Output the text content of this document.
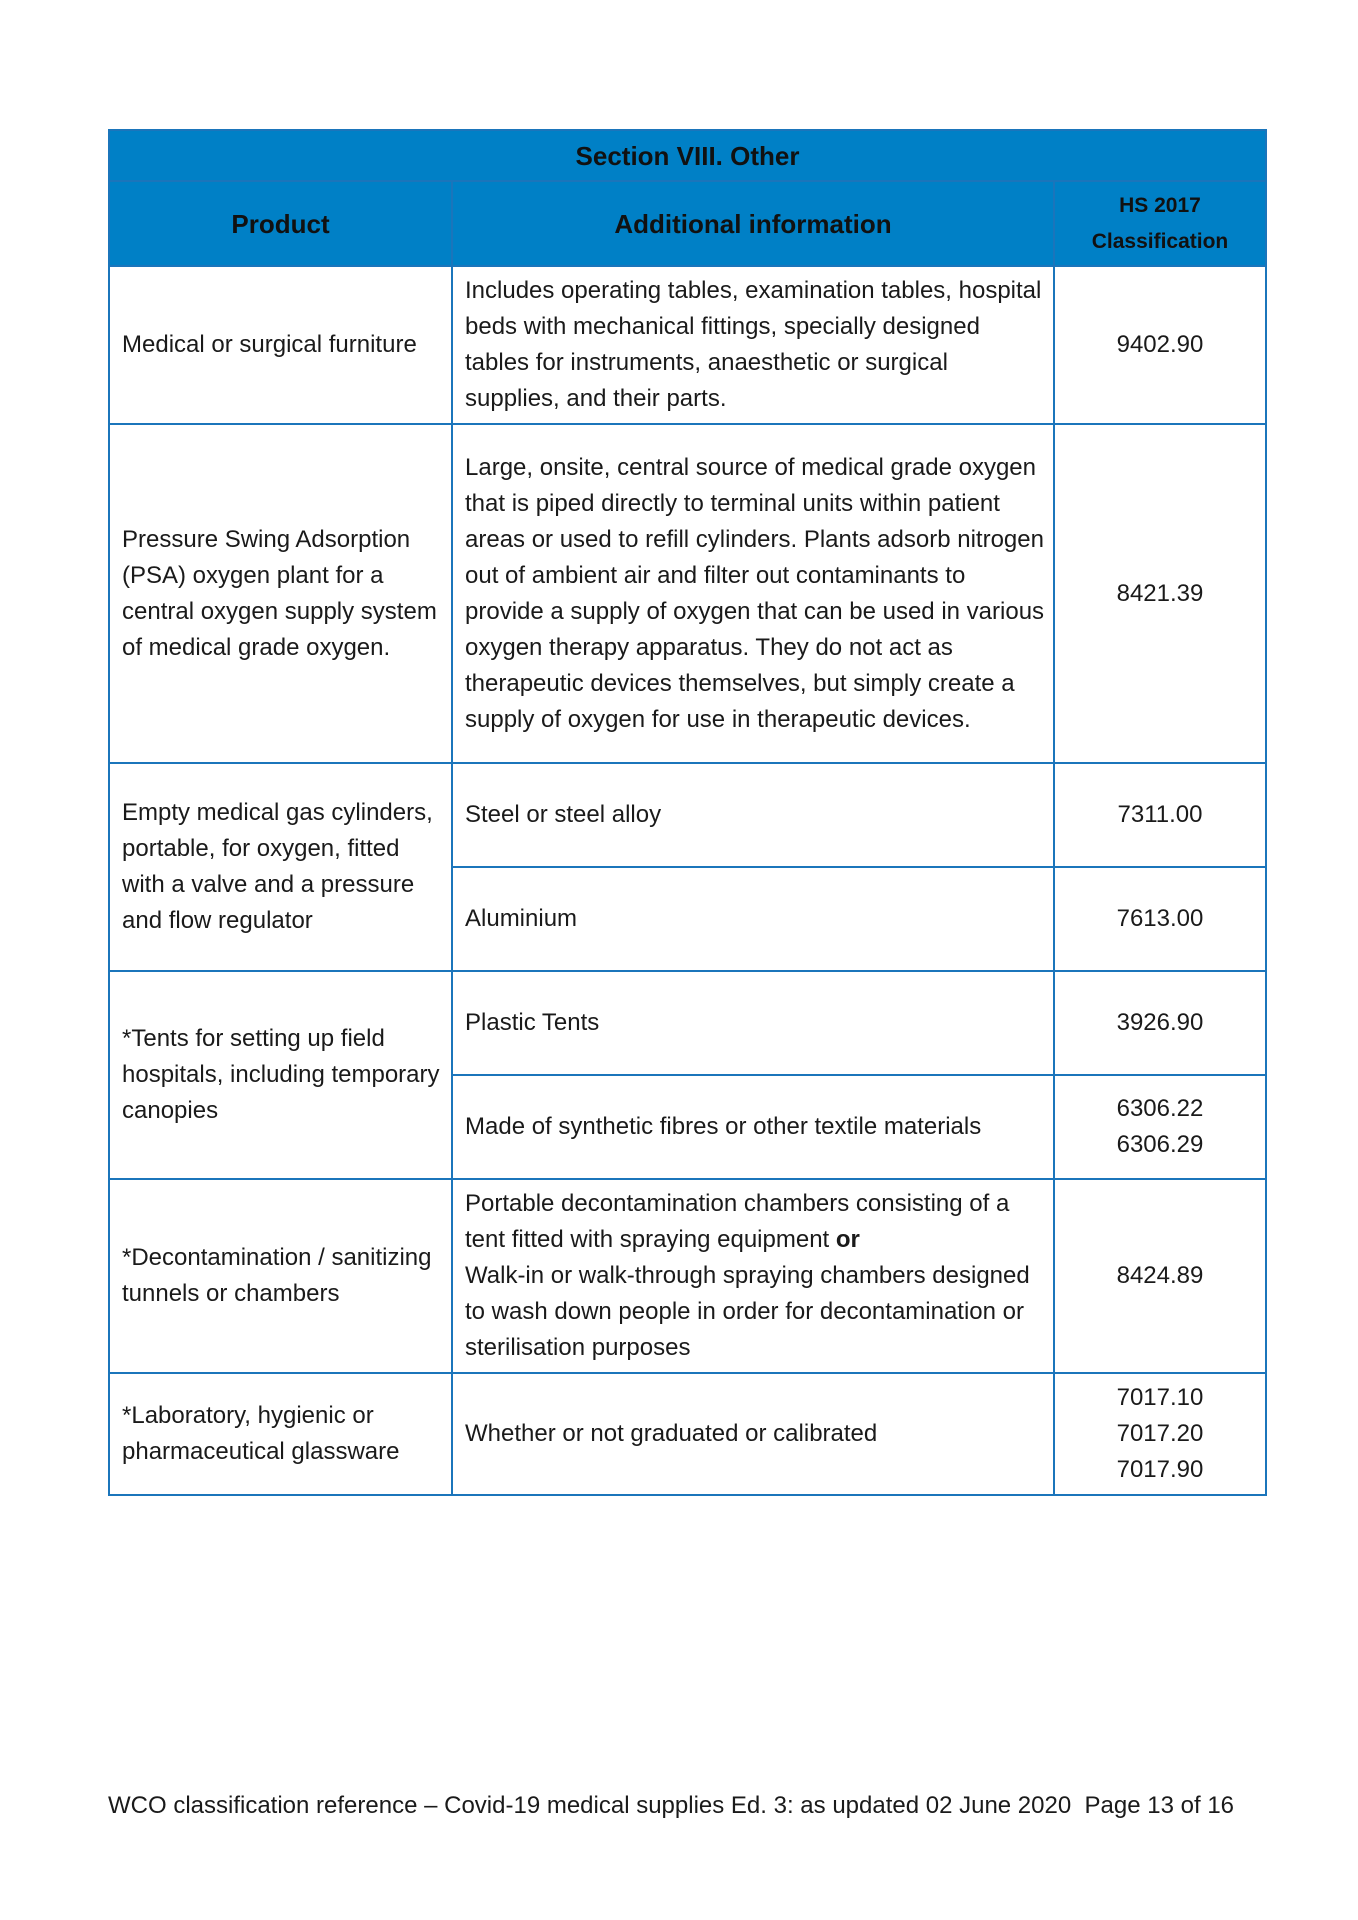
Section VIII. Other		
Product	Additional information	HS 2017
Classification

Medical or surgical furniture	Includes operating tables, examination tables, hospital beds with mechanical fittings, specially designed tables for instruments, anaesthetic or surgical supplies, and their parts.	9402.90

Pressure Swing Adsorption (PSA) oxygen plant for a central oxygen supply system of medical grade oxygen.	Large, onsite, central source of medical grade oxygen that is piped directly to terminal units within patient areas or used to refill cylinders. Plants adsorb nitrogen out of ambient air and filter out contaminants to provide a supply of oxygen that can be used in various oxygen therapy apparatus. They do not act as therapeutic devices themselves, but simply create a supply of oxygen for use in therapeutic devices.	8421.39

Empty medical gas cylinders, portable, for oxygen, fitted with a valve and a pressure and flow regulator	Steel or steel alloy	7311.00

	Aluminium	7613.00

*Tents for setting up field hospitals, including temporary canopies	Plastic Tents	3926.90

	Made of synthetic fibres or other textile materials	6306.22
6306.29

*Decontamination / sanitizing tunnels or chambers	Portable decontamination chambers consisting of a tent fitted with spraying equipment or
Walk-in or walk-through spraying chambers designed to wash down people in order for decontamination or sterilisation purposes	8424.89

*Laboratory, hygienic or pharmaceutical glassware	Whether or not graduated or calibrated	7017.10
7017.20
7017.90
WCO classification reference – Covid-19 medical supplies Ed. 3: as updated 02 June 2020 Page 13 of 16
